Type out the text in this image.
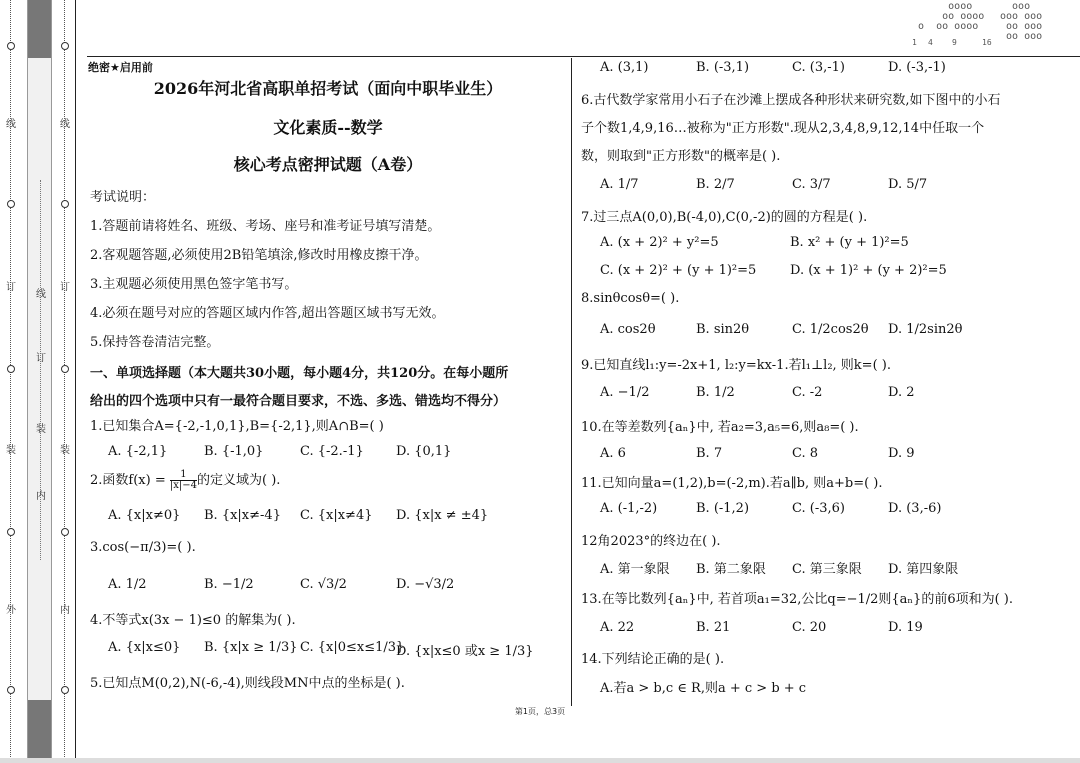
线
订
装
外
线
订
装
内
线
订
装
内
ooo
ooo ooo
oo ooo
oo ooo
oooo
oo oooo
o  oo oooo
1 4 9	16
绝密★启用前
2026年河北省高职单招考试（面向中职毕业生）
文化素质--数学
核心考点密押试题（A卷）
考试说明：
1.答题前请将姓名、班级、考场、座号和准考证号填写清楚。
2.客观题答题,必须使用2B铅笔填涂,修改时用橡皮擦干净。
3.主观题必须使用黑色签字笔书写。
4.必须在题号对应的答题区域内作答,超出答题区域书写无效。
5.保持答卷清洁完整。
一、单项选择题（本大题共30小题，每小题4分，共120分。在每小题所
给出的四个选项中只有一最符合题目要求，不选、多选、错选均不得分）
1.已知集合A={-2,-1,0,1},B={-2,1},则A∩B=( )
A. {-2,1}	B. {-1,0}	C. {-2.-1} D. {0,1}
2.函数$f(x) = \frac{1}{|x|-4}$ 的定义域为( ).
A. {x|x≠0} B. {x|x≠-4} C. {x|x≠4} D. {x|x ≠ ±4}
3.cos(−π/3)=( ).
A. 1/2	B. −1/2	C. √3/2	D. −√3/2
4.不等式x(3x − 1)≤0 的解集为( ).
A. {x|x≤0} B. {x|x ≥ 1/3} C. {x|0≤x≤1/3}
D. {x|x≤0 或x ≥ 1/3}
5.已知点M(0,2),N(-6,-4),则线段MN中点的坐标是( ).
A. (3,1)	B. (-3,1)	C. (3,-1)	D. (-3,-1)
6.古代数学家常用小石子在沙滩上摆成各种形状来研究数,如下图中的小石
子个数1,4,9,16…被称为"正方形数".现从2,3,4,8,9,12,14中任取一个
数，则取到"正方形数"的概率是( ).
A. 1/7	B. 2/7	C. 3/7	D. 5/7
7.过三点A(0,0),B(-4,0),C(0,-2)的圆的方程是( ).
A. (x + 2)² + y²=5	B. x² + (y + 1)²=5
C. (x + 2)² + (y + 1)²=5	D. (x + 1)² + (y + 2)²=5
8.sinθcosθ=( ).
A. cos2θ	B. sin2θ	C. 1/2cos2θ D. 1/2sin2θ
9.已知直线l₁:y=-2x+1, l₂:y=kx-1.若l₁⊥l₂, 则k=( ).
A. −1/2	B. 1/2	C. -2	D. 2
10.在等差数列{aₙ}中, 若a₂=3,a₅=6,则a₈=( ).
A. 6	B. 7	C. 8	D. 9
11.已知向量a=(1,2),b=(-2,m).若a∥b, 则a+b=( ).
A. (-1,-2)	B. (-1,2)	C. (-3,6)	D. (3,-6)
12角2023°的终边在( ).
A. 第一象限 B. 第二象限 C. 第三象限 D. 第四象限
13.在等比数列{aₙ}中, 若首项a₁=32,公比q=−1/2则{aₙ}的前6项和为( ).
A. 22	B. 21	C. 20	D. 19
14.下列结论正确的是( ).
A.若a > b,c ∈ R,则a + c > b + c
第1页，总3页
